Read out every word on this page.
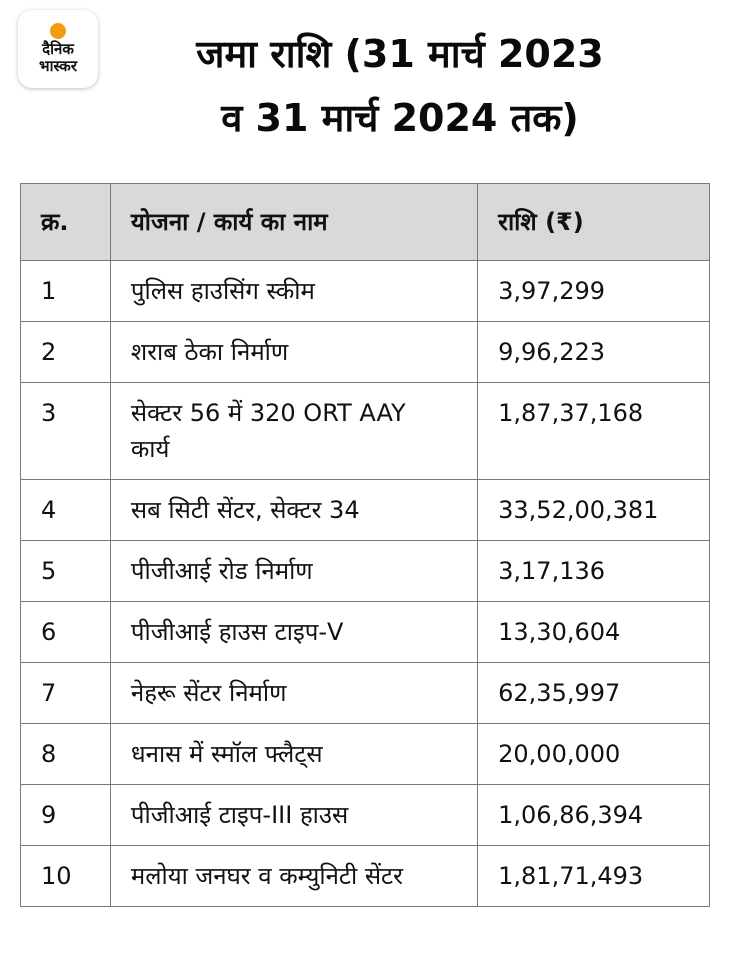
दैनिक
भास्कर	जमा राशि (31 मार्च 2023
व 31 मार्च 2024 तक)
क्र.	योजना / कार्य का नाम	राशि (₹)
1	पुलिस हाउसिंग स्कीम	3,97,299
2	शराब ठेका निर्माण	9,96,223
3	सेक्टर 56 में 320 ORT AAY कार्य	1,87,37,168
4	सब सिटी सेंटर, सेक्टर 34	33,52,00,381
5	पीजीआई रोड निर्माण	3,17,136
6	पीजीआई हाउस टाइप-V	13,30,604
7	नेहरू सेंटर निर्माण	62,35,997
8	धनास में स्मॉल फ्लैट्स	20,00,000
9	पीजीआई टाइप-III हाउस	1,06,86,394
10	मलोया जनघर व कम्युनिटी सेंटर	1,81,71,493
